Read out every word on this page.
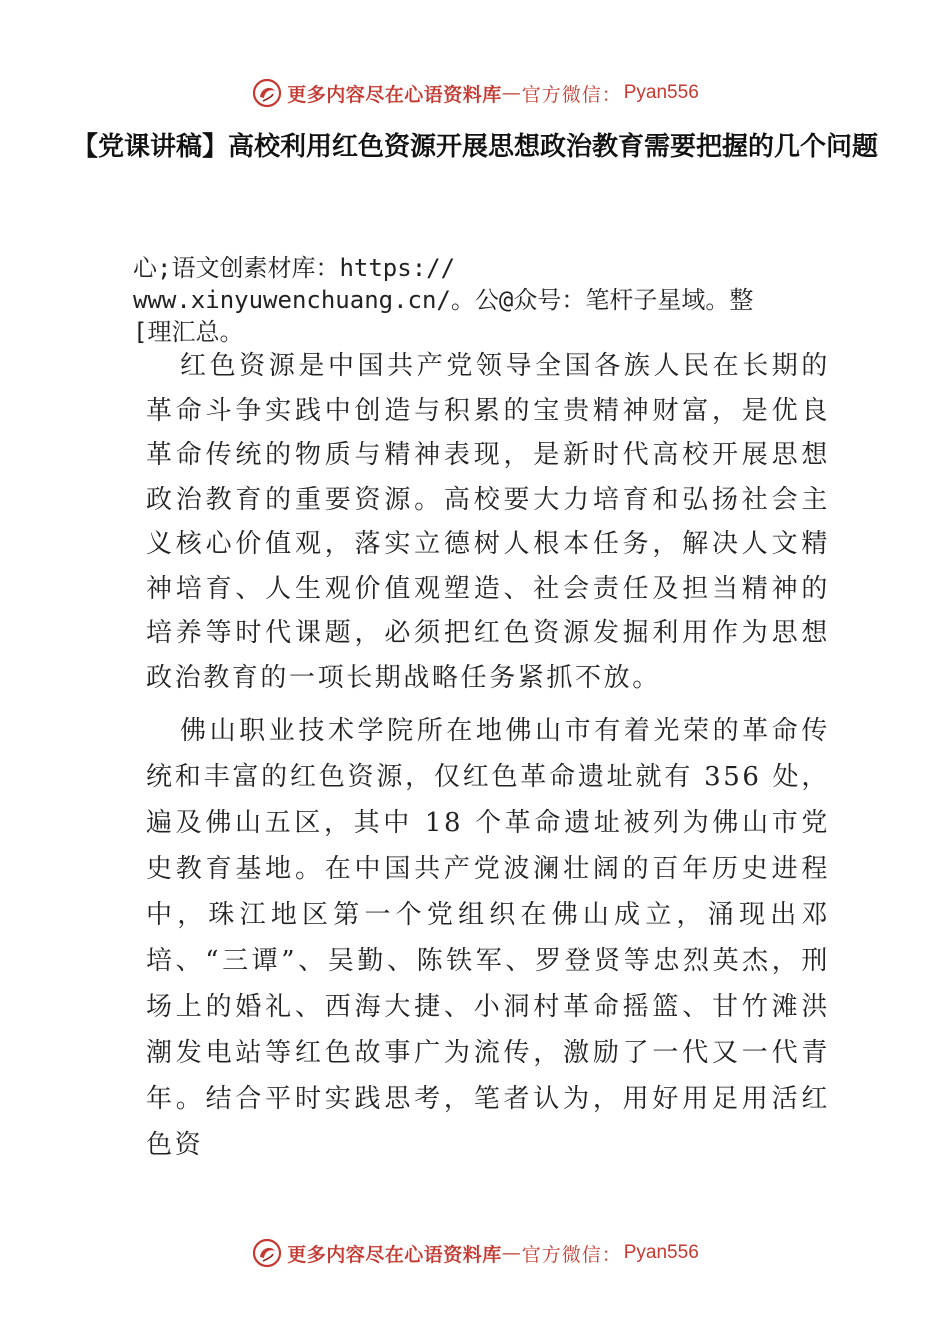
更多内容尽在心语资料库 — 官方微信： Pyan556
【党课讲稿】高校利用红色资源开展思想政治教育需要把握的几个问题
心;语文创素材库：https://
www.xinyuwenchuang.cn/。公@众号：笔杆子星域。整
[理汇总。
红色资源是中国共产党领导全国各族人民在长期的革命斗争实践中创造与积累的宝贵精神财富，是优良革命传统的物质与精神表现，是新时代高校开展思想政治教育的重要资源。高校要大力培育和弘扬社会主义核心价值观，落实立德树人根本任务，解决人文精神培育、人生观价值观塑造、社会责任及担当精神的培养等时代课题，必须把红色资源发掘利用作为思想政治教育的一项长期战略任务紧抓不放。
佛山职业技术学院所在地佛山市有着光荣的革命传统和丰富的红色资源，仅红色革命遗址就有 356 处，遍及佛山五区，其中 18 个革命遗址被列为佛山市党史教育基地。在中国共产党波澜壮阔的百年历史进程中，珠江地区第一个党组织在佛山成立，涌现出邓培、“三谭”、吴勤、陈铁军、罗登贤等忠烈英杰，刑场上的婚礼、西海大捷、小洞村革命摇篮、甘竹滩洪潮发电站等红色故事广为流传，激励了一代又一代青年。结合平时实践思考，笔者认为，用好用足用活红色资
更多内容尽在心语资料库 — 官方微信： Pyan556
